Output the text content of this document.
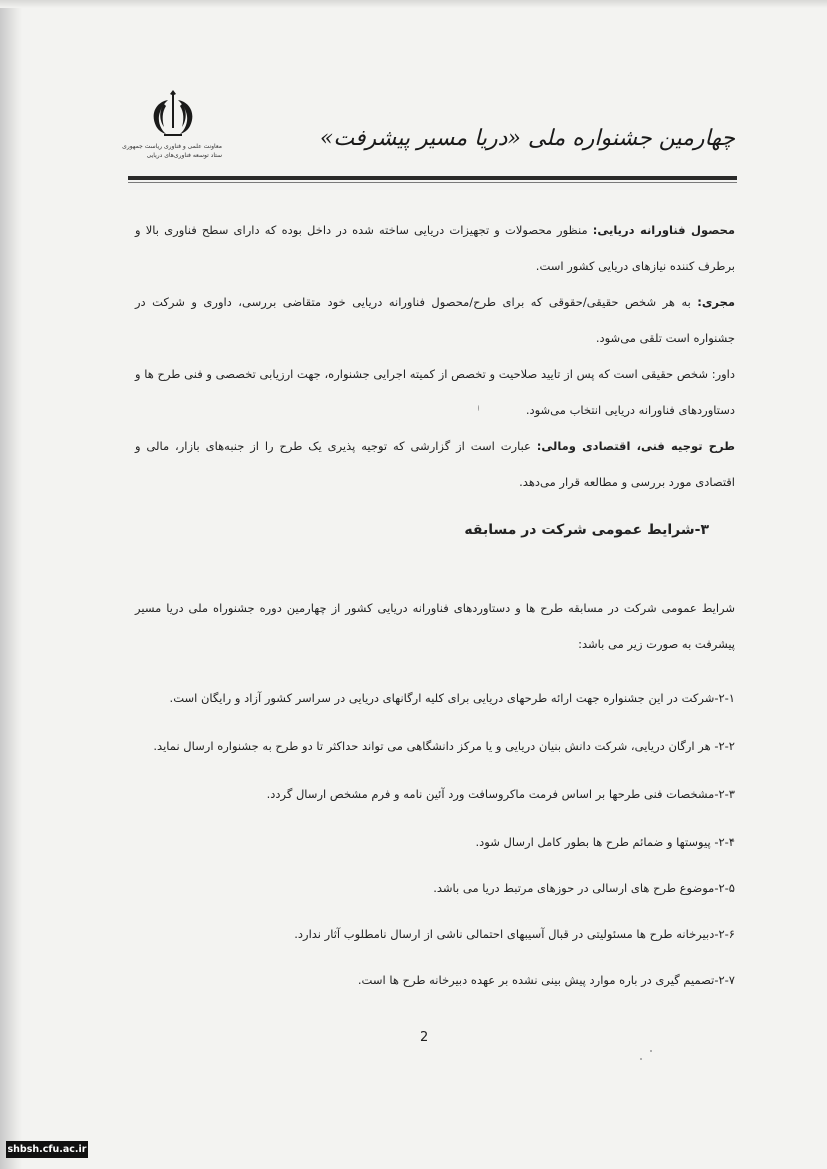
معاونت علمی و فناوری ریاست جمهوری
ستاد توسعه فناوری‌های دریایی
چهارمین جشنواره ملی «دریا مسیر پیشرفت»
محصول فناورانه دریایی: منظور محصولات و تجهیزات دریایی ساخته شده در داخل بوده که دارای سطح فناوری بالا و برطرف کننده نیازهای دریایی کشور است.
مجری: به هر شخص حقیقی/حقوقی که برای طرح/محصول فناورانه دریایی خود متقاضی بررسی، داوری و شرکت در جشنواره است تلقی می‌شود.
داور: شخص حقیقی است که پس از تایید صلاحیت و تخصص از کمیته اجرایی جشنواره، جهت ارزیابی تخصصی و فنی طرح ها و دستاوردهای فناورانه دریایی انتخاب می‌شود.
طرح توجیه فنی، اقتصادی ومالی: عبارت است از گزارشی که توجیه پذیری یک طرح را از جنبه‌های بازار، مالی و اقتصادی مورد بررسی و مطالعه قرار می‌دهد.
۳-شرایط عمومی شرکت در مسابقه
شرایط عمومی شرکت در مسابقه طرح ها و دستاوردهای فناورانه دریایی کشور از چهارمین دوره جشنوراه ملی دریا مسیر پیشرفت به صورت زیر می باشد:
۲-۱-شرکت در این جشنواره جهت ارائه طرحهای دریایی برای کلیه ارگانهای دریایی در سراسر کشور آزاد و رایگان است.
۲-۲- هر ارگان دریایی، شرکت دانش بنیان دریایی و یا مرکز دانشگاهی می تواند حداکثر تا دو طرح به جشنواره ارسال نماید.
۲-۳-مشخصات فنی طرحها بر اساس فرمت ماکروسافت ورد آئین نامه و فرم مشخص ارسال گردد.
۲-۴- پیوستها و ضمائم طرح ها بطور کامل ارسال شود.
۲-۵-موضوع طرح های ارسالی در حوزهای مرتبط دریا می باشد.
۲-۶-دبیرخانه طرح ها مسئولیتی در قبال آسیبهای احتمالی ناشی از ارسال نامطلوب آثار ندارد.
۲-۷-تصمیم گیری در باره موارد پیش بینی نشده بر عهده دبیرخانه طرح ها است.
2
shbsh.cfu.ac.ir
